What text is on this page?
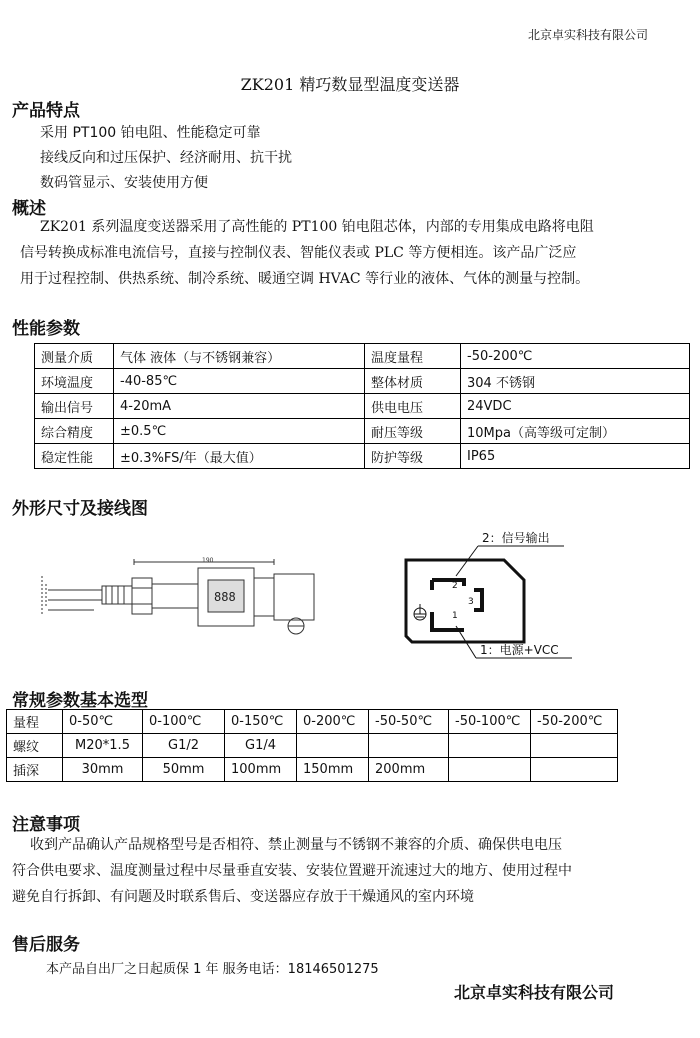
北京卓实科技有限公司
ZK201 精巧数显型温度变送器
产品特点
采用 PT100 铂电阻、性能稳定可靠
接线反向和过压保护、经济耐用、抗干扰
数码管显示、安装使用方便
概述
ZK201 系列温度变送器采用了高性能的 PT100 铂电阻芯体，内部的专用集成电路将电阻
信号转换成标准电流信号，直接与控制仪表、智能仪表或 PLC 等方便相连。该产品广泛应
用于过程控制、供热系统、制冷系统、暖通空调 HVAC 等行业的液体、气体的测量与控制。
性能参数
测量介质	气体 液体（与不锈钢兼容）	温度量程	-50-200℃
环境温度	-40-85℃	整体材质	304 不锈钢
输出信号	4-20mA	供电电压	24VDC
综合精度	±0.5℃	耐压等级	10Mpa（高等级可定制）
稳定性能	±0.3%FS/年（最大值）	防护等级	IP65
外形尺寸及接线图
190
888
2：信号输出
2
3
1
1：电源+VCC
常规参数基本选型
量程	0-50℃	0-100℃	0-150℃	0-200℃	-50-50℃	-50-100℃	-50-200℃
螺纹	M20*1.5	G1/2	G1/4				
插深	30mm	50mm	100mm	150mm	200mm		
注意事项
收到产品确认产品规格型号是否相符、禁止测量与不锈钢不兼容的介质、确保供电电压
符合供电要求、温度测量过程中尽量垂直安装、安装位置避开流速过大的地方、使用过程中
避免自行拆卸、有问题及时联系售后、变送器应存放于干燥通风的室内环境
售后服务
本产品自出厂之日起质保 1 年 服务电话：18146501275
北京卓实科技有限公司
